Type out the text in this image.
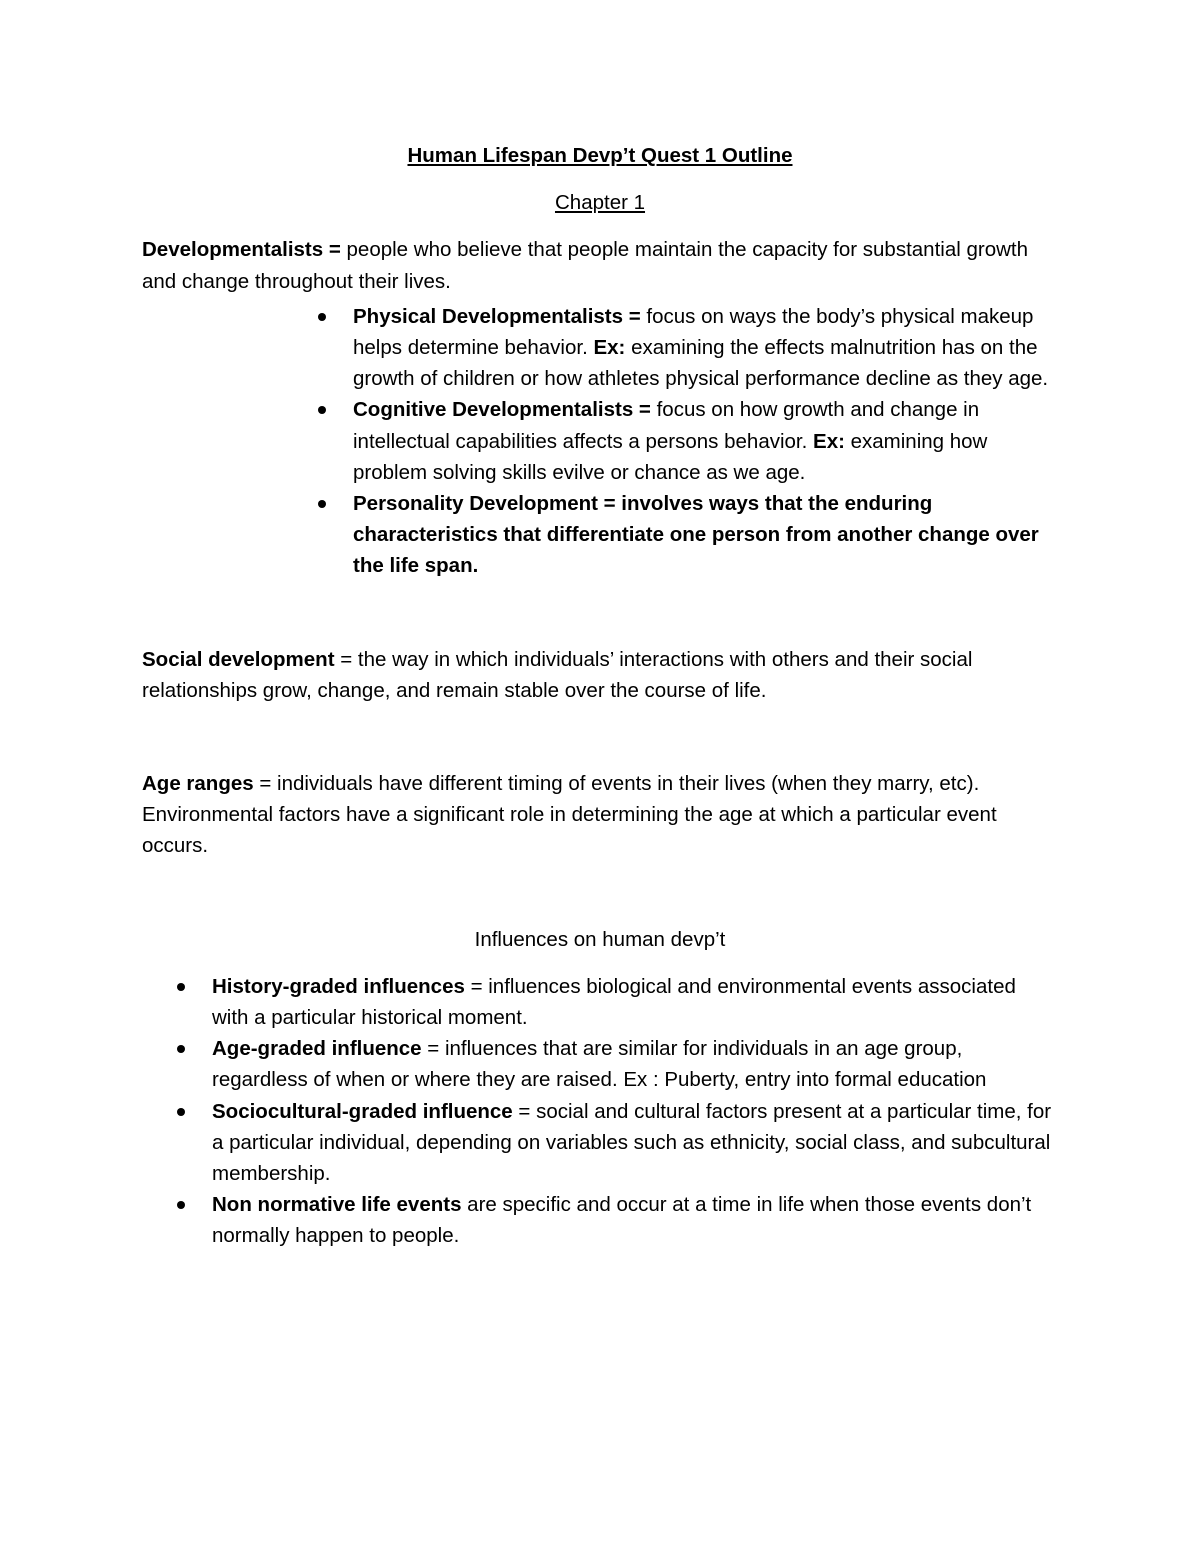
Human Lifespan Devp’t Quest 1 Outline

Chapter 1

Developmentalists = people who believe that people maintain the capacity for substantial growth and change throughout their lives.

Physical Developmentalists = focus on ways the body’s physical makeup helps determine behavior. Ex: examining the effects malnutrition has on the growth of children or how athletes physical performance decline as they age.
Cognitive Developmentalists = focus on how growth and change in intellectual capabilities affects a persons behavior. Ex: examining how problem solving skills evilve or chance as we age.
Personality Development = involves ways that the enduring characteristics that differentiate one person from another change over the life span.

Social development = the way in which individuals’ interactions with others and their social relationships grow, change, and remain stable over the course of life.

Age ranges = individuals have different timing of events in their lives (when they marry, etc). Environmental factors have a significant role in determining the age at which a particular event occurs.

Influences on human devp’t

History-graded influences = influences biological and environmental events associated with a particular historical moment.
Age-graded influence = influences that are similar for individuals in an age group, regardless of when or where they are raised. Ex : Puberty, entry into formal education
Sociocultural-graded influence = social and cultural factors present at a particular time, for a particular individual, depending on variables such as ethnicity, social class, and subcultural membership.
Non normative life events are specific and occur at a time in life when those events don’t normally happen to people.
